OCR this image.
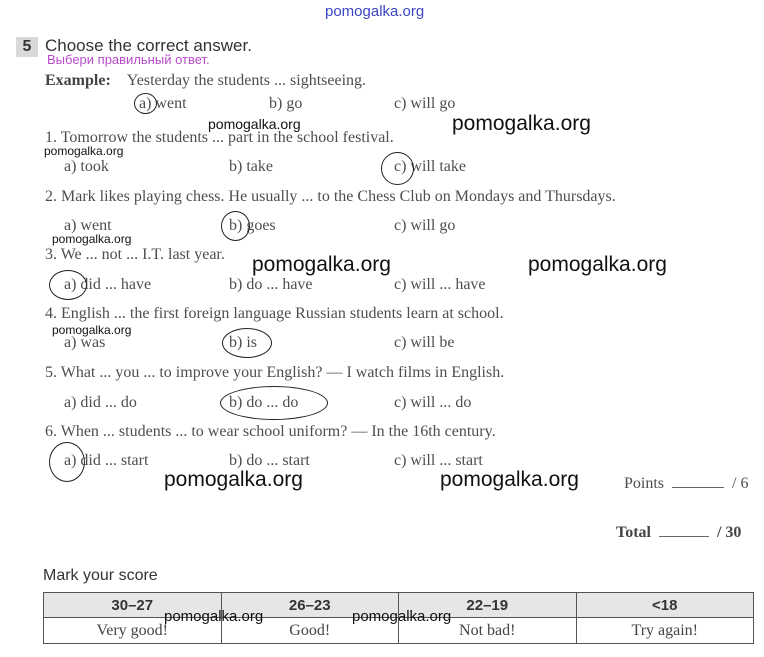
pomogalka.org
5 Choose the correct answer.
Выбери правильный ответ.
Example: Yesterday the students ... sightseeing.
a) went	b) go	c) will go
1. Tomorrow the students ... part in the school festival.
a) took	b) take	c) will take
2. Mark likes playing chess. He usually ... to the Chess Club on Mondays and Thursdays.
a) went	b) goes	c) will go
3. We ... not ... I.T. last year.
a) did ... have	b) do ... have	c) will ... have
4. English ... the first foreign language Russian students learn at school.
a) was	b) is	c) will be
5. What ... you ... to improve your English? — I watch films in English.
a) did ... do	b) do ... do	c) will ... do
6. When ... students ... to wear school uniform? — In the 16th century.
a) did ... start	b) do ... start	c) will ... start
Points	/ 6
Total	/ 30
Mark your score
30–27	26–23	22–19	<18
Very good!	Good!	Not bad!	Try again!
pomogalka.org
pomogalka.org
pomogalka.org
pomogalka.org
pomogalka.org	pomogalka.org
pomogalka.org
pomogalka.org	pomogalka.org
pomogalka.org	pomogalka.org
